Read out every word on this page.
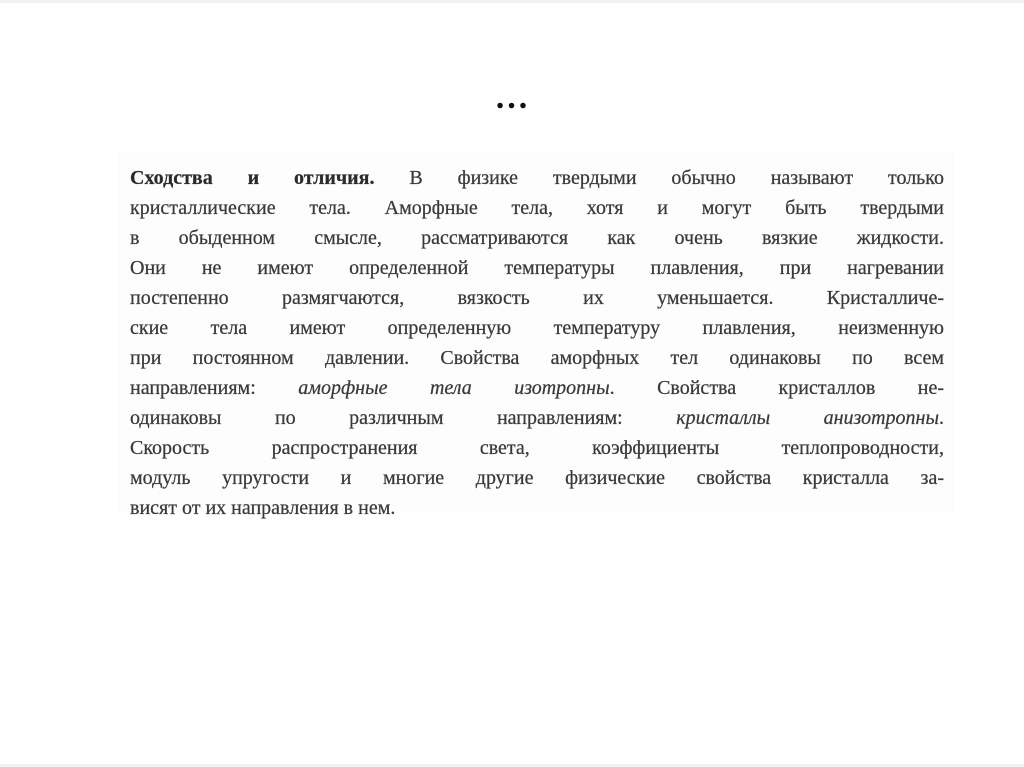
…
Сходства и отличия. В физике твердыми обычно называют только
кристаллические тела. Аморфные тела, хотя и могут быть твердыми
в обыденном смысле, рассматриваются как очень вязкие жидкости.
Они не имеют определенной температуры плавления, при нагревании
постепенно размягчаются, вязкость их уменьшается. Кристалличе-
ские тела имеют определенную температуру плавления, неизменную
при постоянном давлении. Свойства аморфных тел одинаковы по всем
направлениям: аморфные тела изотропны. Свойства кристаллов не-
одинаковы по различным направлениям: кристаллы анизотропны.
Скорость распространения света, коэффициенты теплопроводности,
модуль упругости и многие другие физические свойства кристалла за-
висят от их направления в нем.
